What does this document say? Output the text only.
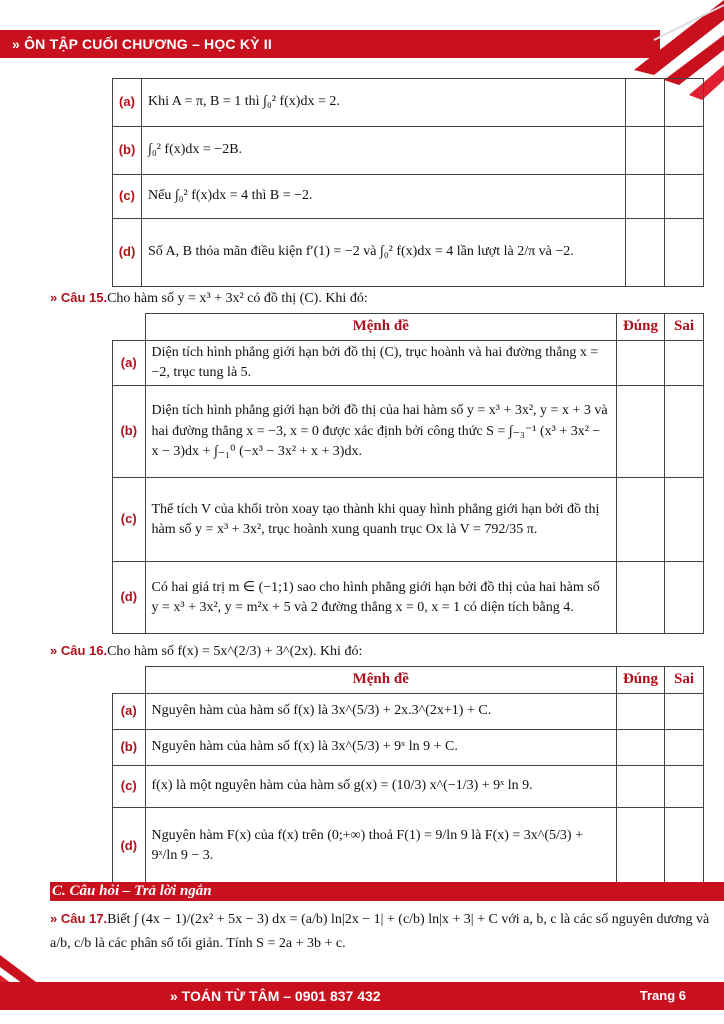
» ÔN TẬP CUỐI CHƯƠNG – HỌC KỲ II
(a)	Khi A = π, B = 1 thì ∫₀² f(x)dx = 2.		
(b)	∫₀² f(x)dx = −2B.		
(c)	Nếu ∫₀² f(x)dx = 4 thì B = −2.		
(d)	Số A, B thỏa mãn điều kiện f′(1) = −2 và ∫₀² f(x)dx = 4 lần lượt là 2/π và −2.		
» Câu 15.Cho hàm số y = x³ + 3x² có đồ thị (C). Khi đó:
	Mệnh đề	Đúng	Sai
(a)	Diện tích hình phẳng giới hạn bởi đồ thị (C), trục hoành và hai đường thẳng x = −2, trục tung là 5.		
(b)	Diện tích hình phẳng giới hạn bởi đồ thị của hai hàm số y = x³ + 3x², y = x + 3 và hai đường thẳng x = −3, x = 0 được xác định bởi công thức S = ∫₋₃⁻¹ (x³ + 3x² − x − 3)dx + ∫₋₁⁰ (−x³ − 3x² + x + 3)dx.		
(c)	Thể tích V của khối tròn xoay tạo thành khi quay hình phẳng giới hạn bởi đồ thị hàm số y = x³ + 3x², trục hoành xung quanh trục Ox là V = 792/35 π.		
(d)	Có hai giá trị m ∈ (−1;1) sao cho hình phẳng giới hạn bởi đồ thị của hai hàm số y = x³ + 3x², y = m²x + 5 và 2 đường thẳng x = 0, x = 1 có diện tích bằng 4.		
» Câu 16.Cho hàm số f(x) = 5x^(2/3) + 3^(2x). Khi đó:
	Mệnh đề	Đúng	Sai
(a)	Nguyên hàm của hàm số f(x) là 3x^(5/3) + 2x.3^(2x+1) + C.		
(b)	Nguyên hàm của hàm số f(x) là 3x^(5/3) + 9ˣ ln 9 + C.		
(c)	f(x) là một nguyên hàm của hàm số g(x) = (10/3) x^(−1/3) + 9ˣ ln 9.		
(d)	Nguyên hàm F(x) của f(x) trên (0;+∞) thoả F(1) = 9/ln 9 là F(x) = 3x^(5/3) + 9ˣ/ln 9 − 3.		
C. Câu hỏi – Trả lời ngắn
» Câu 17.Biết ∫ (4x − 1)/(2x² + 5x − 3) dx = (a/b) ln|2x − 1| + (c/b) ln|x + 3| + C với a, b, c là các số nguyên dương và a/b, c/b là các phân số tối giản. Tính S = 2a + 3b + c.
» TOÁN TỪ TÂM – 0901 837 432	Trang 6
